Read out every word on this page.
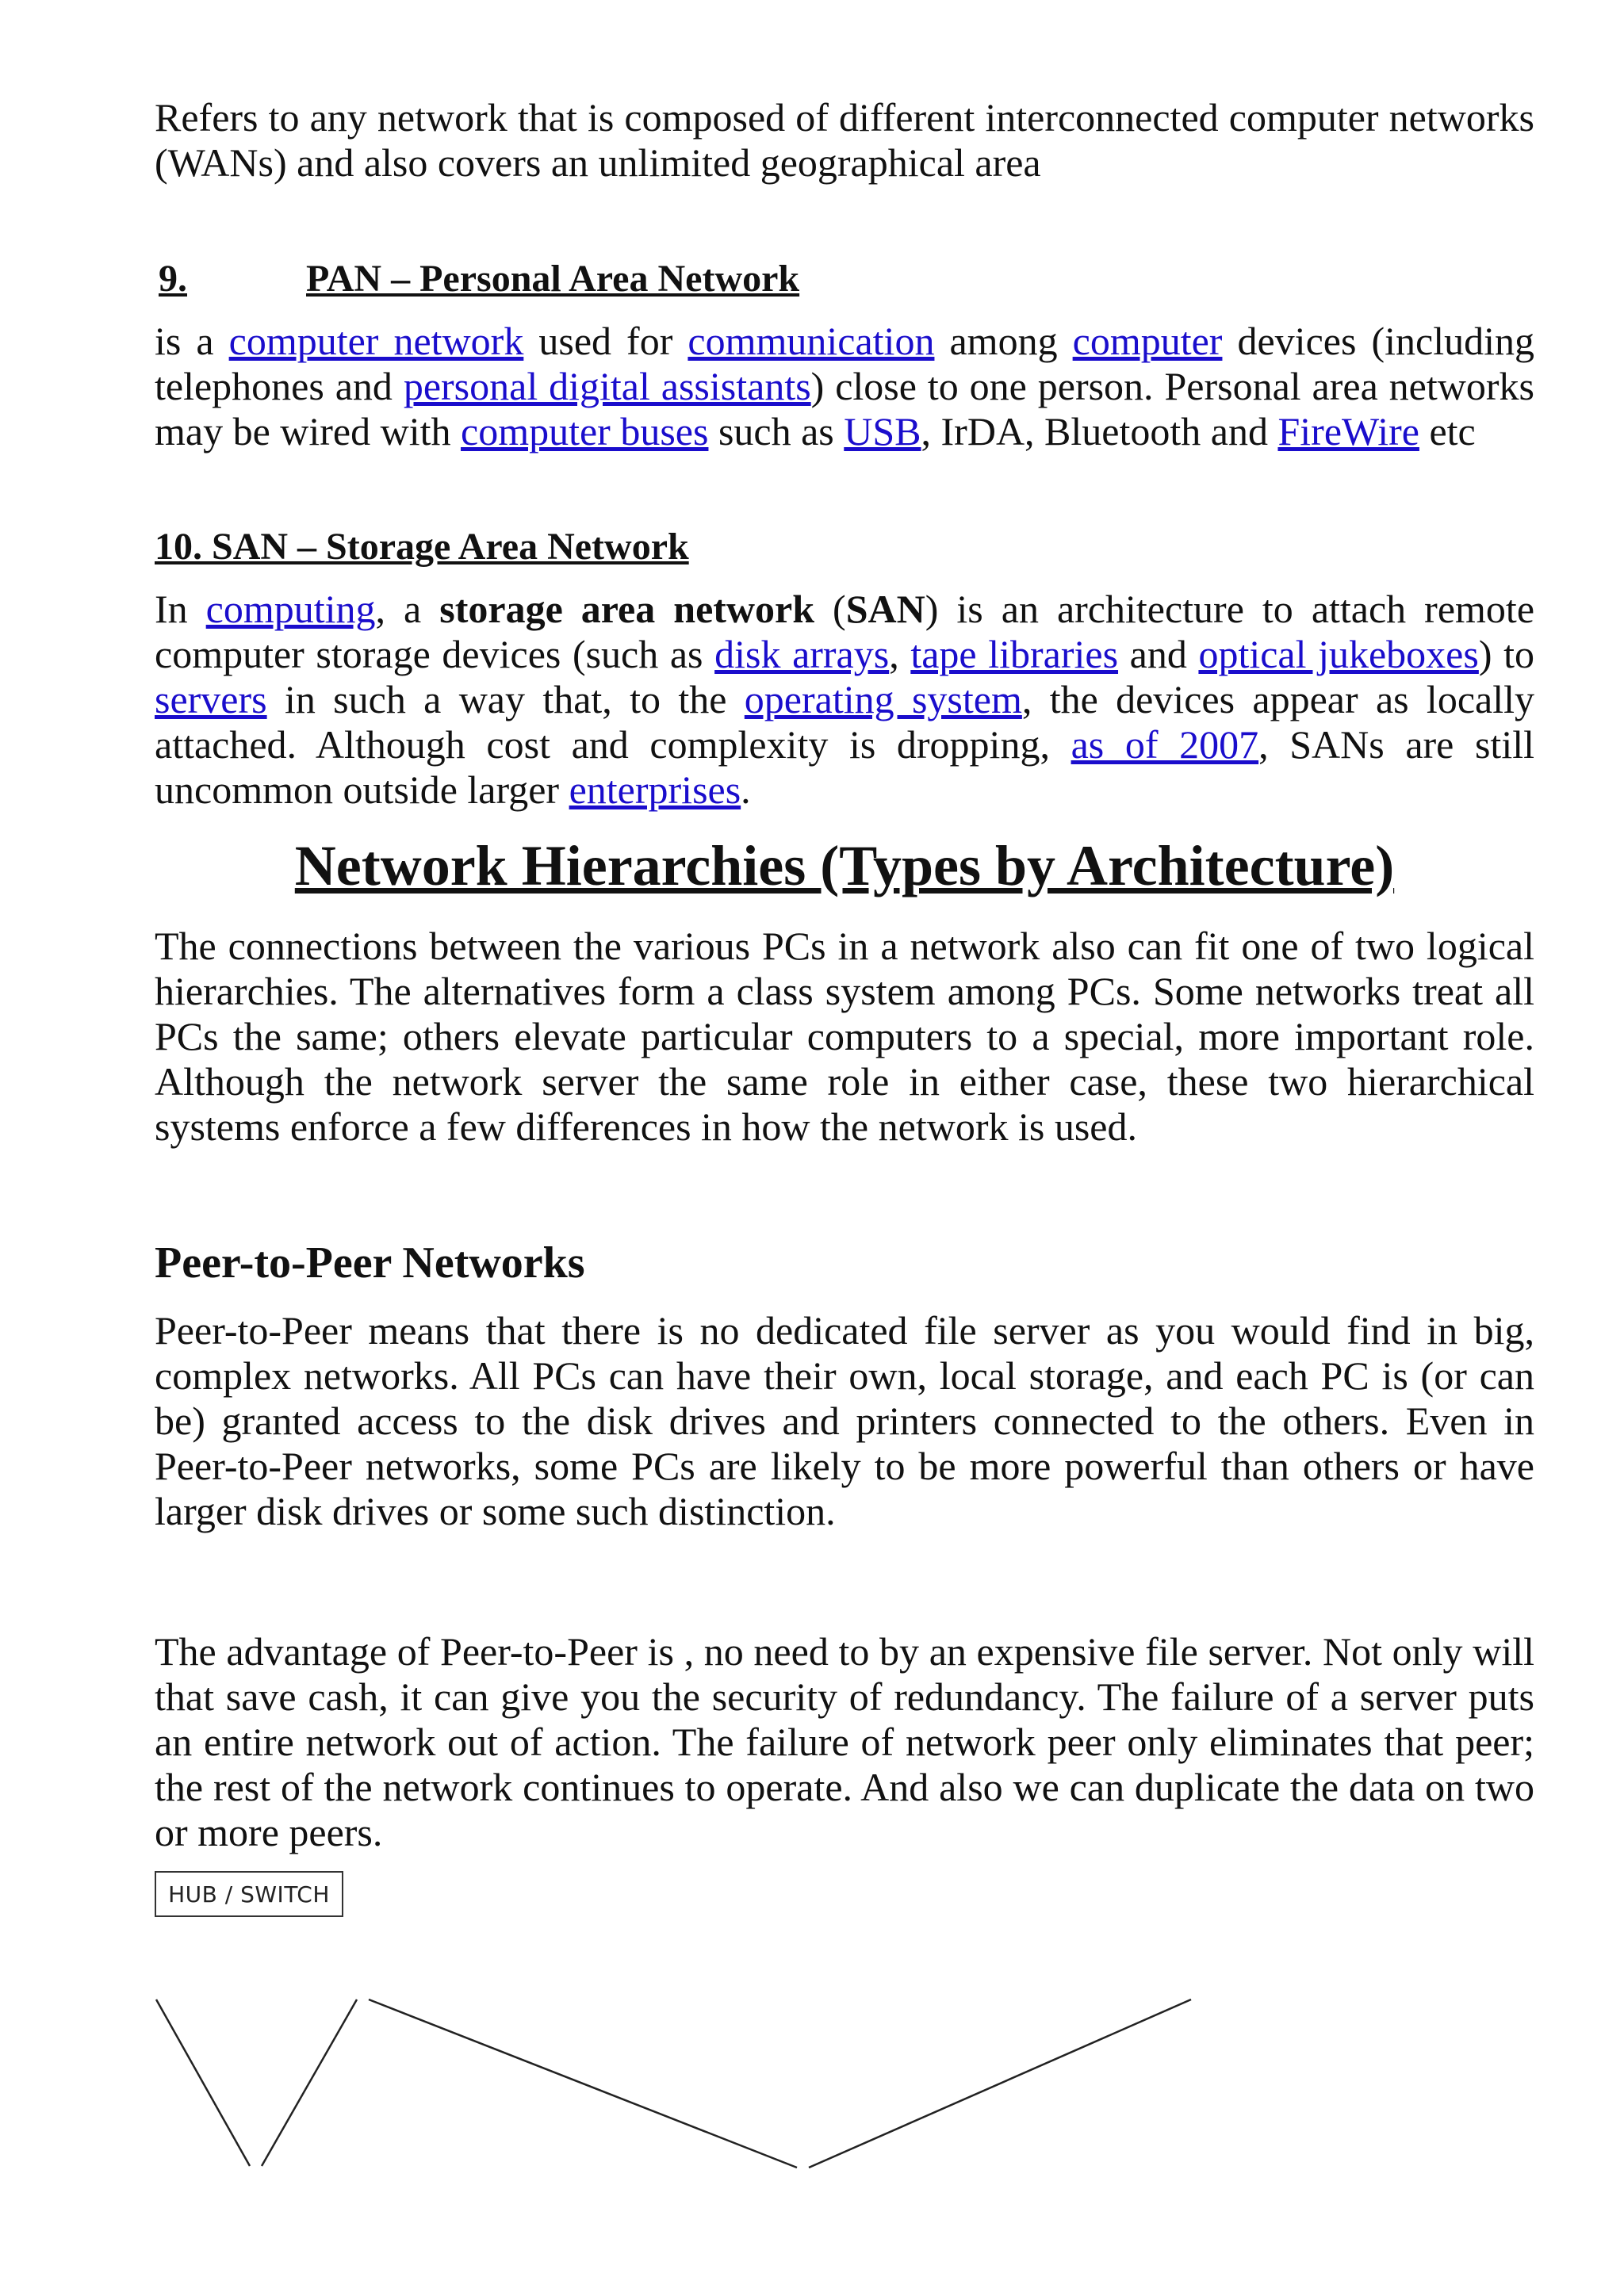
Refers to any network that is composed of different interconnected computer networks (WANs) and also covers an unlimited geographical area

9.	PAN – Personal Area Network

is a computer network used for communication among computer devices (including telephones and personal digital assistants) close to one person. Personal area networks may be wired with computer buses such as USB, IrDA, Bluetooth and FireWire etc

10. SAN – Storage Area Network

In computing, a storage area network (SAN) is an architecture to attach remote computer storage devices (such as disk arrays, tape libraries and optical jukeboxes) to servers in such a way that, to the operating system, the devices appear as locally attached. Although cost and complexity is dropping, as of 2007, SANs are still uncommon outside larger enterprises.

Network Hierarchies (Types by Architecture)

The connections between the various PCs in a network also can fit one of two logical hierarchies. The alternatives form a class system among PCs. Some networks treat all PCs the same; others elevate particular computers to a special, more important role. Although the network server the same role in either case, these two hierarchical systems enforce a few differences in how the network is used.

Peer-to-Peer Networks

Peer-to-Peer means that there is no dedicated file server as you would find in big, complex networks. All PCs can have their own, local storage, and each PC is (or can be) granted access to the disk drives and printers connected to the others. Even in Peer-to-Peer networks, some PCs are likely to be more powerful than others or have larger disk drives or some such distinction.

The advantage of Peer-to-Peer is , no need to by an expensive file server. Not only will that save cash, it can give you the security of redundancy. The failure of a server puts an entire network out of action. The failure of network peer only eliminates that peer; the rest of the network continues to operate. And also we can duplicate the data on two or more peers.

HUB / SWITCH
